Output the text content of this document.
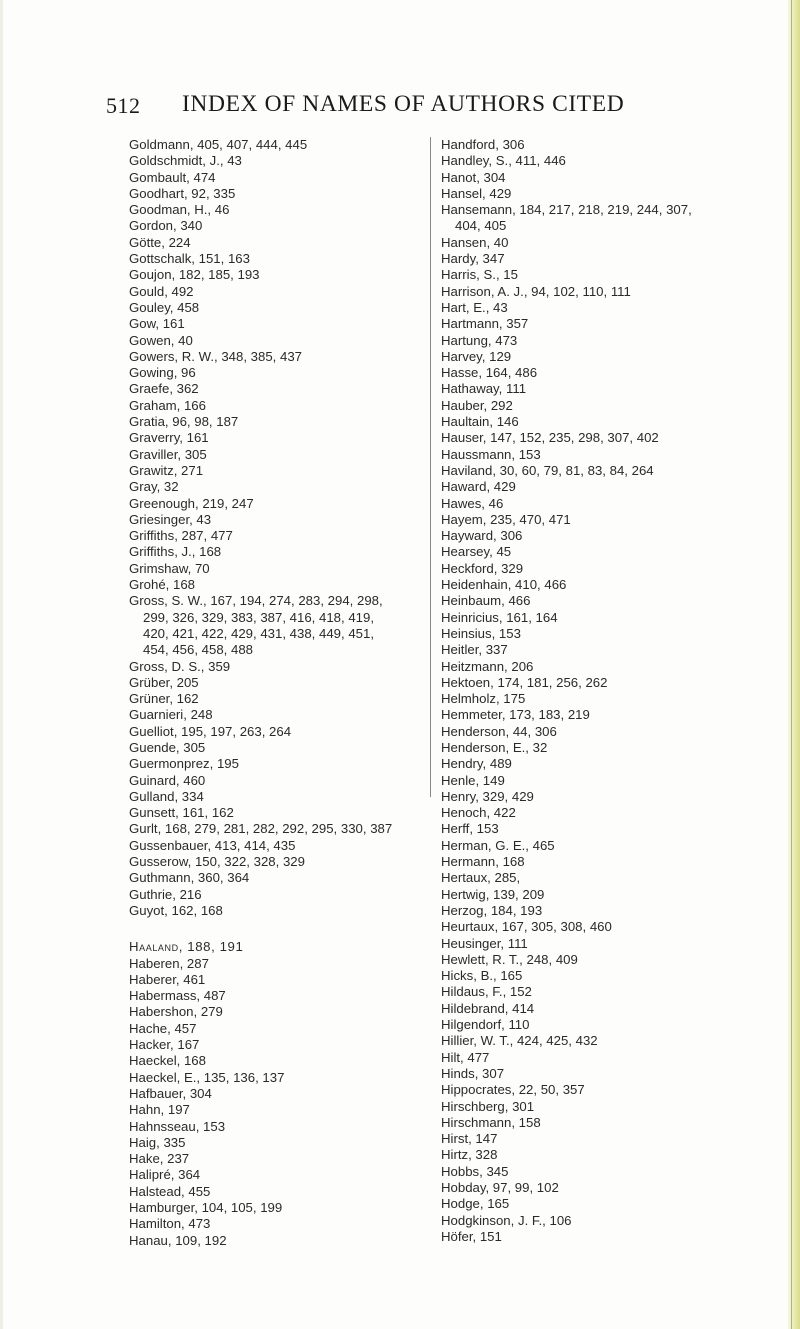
512 INDEX OF NAMES OF AUTHORS CITED
Goldmann, 405, 407, 444, 445
Goldschmidt, J., 43
Gombault, 474
Goodhart, 92, 335
Goodman, H., 46
Gordon, 340
Götte, 224
Gottschalk, 151, 163
Goujon, 182, 185, 193
Gould, 492
Gouley, 458
Gow, 161
Gowen, 40
Gowers, R. W., 348, 385, 437
Gowing, 96
Graefe, 362
Graham, 166
Gratia, 96, 98, 187
Graverry, 161
Graviller, 305
Grawitz, 271
Gray, 32
Greenough, 219, 247
Griesinger, 43
Griffiths, 287, 477
Griffiths, J., 168
Grimshaw, 70
Grohé, 168
Gross, S. W., 167, 194, 274, 283, 294, 298,
299, 326, 329, 383, 387, 416, 418, 419,
420, 421, 422, 429, 431, 438, 449, 451,
454, 456, 458, 488
Gross, D. S., 359
Grüber, 205
Grüner, 162
Guarnieri, 248
Guelliot, 195, 197, 263, 264
Guende, 305
Guermonprez, 195
Guinard, 460
Gulland, 334
Gunsett, 161, 162
Gurlt, 168, 279, 281, 282, 292, 295, 330, 387
Gussenbauer, 413, 414, 435
Gusserow, 150, 322, 328, 329
Guthmann, 360, 364
Guthrie, 216
Guyot, 162, 168
Haaland, 188, 191
Haberen, 287
Haberer, 461
Habermass, 487
Habershon, 279
Hache, 457
Hacker, 167
Haeckel, 168
Haeckel, E., 135, 136, 137
Hafbauer, 304
Hahn, 197
Hahnsseau, 153
Haig, 335
Hake, 237
Halipré, 364
Halstead, 455
Hamburger, 104, 105, 199
Hamilton, 473
Hanau, 109, 192
Handford, 306
Handley, S., 411, 446
Hanot, 304
Hansel, 429
Hansemann, 184, 217, 218, 219, 244, 307,
404, 405
Hansen, 40
Hardy, 347
Harris, S., 15
Harrison, A. J., 94, 102, 110, 111
Hart, E., 43
Hartmann, 357
Hartung, 473
Harvey, 129
Hasse, 164, 486
Hathaway, 111
Hauber, 292
Haultain, 146
Hauser, 147, 152, 235, 298, 307, 402
Haussmann, 153
Haviland, 30, 60, 79, 81, 83, 84, 264
Haward, 429
Hawes, 46
Hayem, 235, 470, 471
Hayward, 306
Hearsey, 45
Heckford, 329
Heidenhain, 410, 466
Heinbaum, 466
Heinricius, 161, 164
Heinsius, 153
Heitler, 337
Heitzmann, 206
Hektoen, 174, 181, 256, 262
Helmholz, 175
Hemmeter, 173, 183, 219
Henderson, 44, 306
Henderson, E., 32
Hendry, 489
Henle, 149
Henry, 329, 429
Henoch, 422
Herff, 153
Herman, G. E., 465
Hermann, 168
Hertaux, 285,
Hertwig, 139, 209
Herzog, 184, 193
Heurtaux, 167, 305, 308, 460
Heusinger, 111
Hewlett, R. T., 248, 409
Hicks, B., 165
Hildaus, F., 152
Hildebrand, 414
Hilgendorf, 110
Hillier, W. T., 424, 425, 432
Hilt, 477
Hinds, 307
Hippocrates, 22, 50, 357
Hirschberg, 301
Hirschmann, 158
Hirst, 147
Hirtz, 328
Hobbs, 345
Hobday, 97, 99, 102
Hodge, 165
Hodgkinson, J. F., 106
Höfer, 151
